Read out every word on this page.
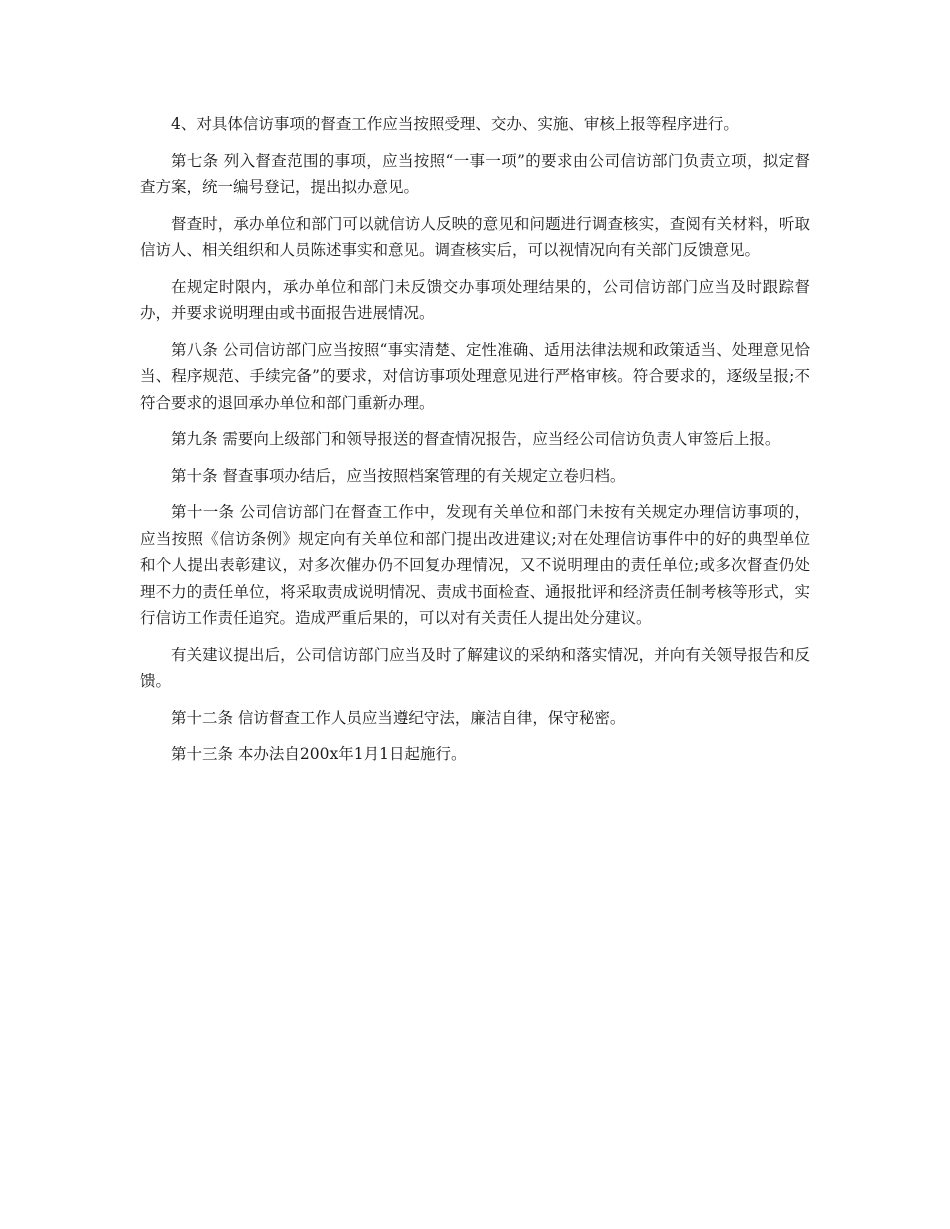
4、对具体信访事项的督查工作应当按照受理、交办、实施、审核上报等程序进行。

第七条 列入督查范围的事项，应当按照“一事一项”的要求由公司信访部门负责立项，拟定督查方案，统一编号登记，提出拟办意见。

督查时，承办单位和部门可以就信访人反映的意见和问题进行调查核实，查阅有关材料，听取信访人、相关组织和人员陈述事实和意见。调查核实后，可以视情况向有关部门反馈意见。

在规定时限内，承办单位和部门未反馈交办事项处理结果的，公司信访部门应当及时跟踪督办，并要求说明理由或书面报告进展情况。

第八条 公司信访部门应当按照“事实清楚、定性准确、适用法律法规和政策适当、处理意见恰当、程序规范、手续完备”的要求，对信访事项处理意见进行严格审核。符合要求的，逐级呈报;不符合要求的退回承办单位和部门重新办理。

第九条 需要向上级部门和领导报送的督查情况报告，应当经公司信访负责人审签后上报。

第十条 督查事项办结后，应当按照档案管理的有关规定立卷归档。

第十一条 公司信访部门在督查工作中，发现有关单位和部门未按有关规定办理信访事项的，应当按照《信访条例》规定向有关单位和部门提出改进建议;对在处理信访事件中的好的典型单位和个人提出表彰建议，对多次催办仍不回复办理情况，又不说明理由的责任单位;或多次督查仍处理不力的责任单位，将采取责成说明情况、责成书面检查、通报批评和经济责任制考核等形式，实行信访工作责任追究。造成严重后果的，可以对有关责任人提出处分建议。

有关建议提出后，公司信访部门应当及时了解建议的采纳和落实情况，并向有关领导报告和反馈。

第十二条 信访督查工作人员应当遵纪守法，廉洁自律，保守秘密。

第十三条 本办法自200x年1月1日起施行。
